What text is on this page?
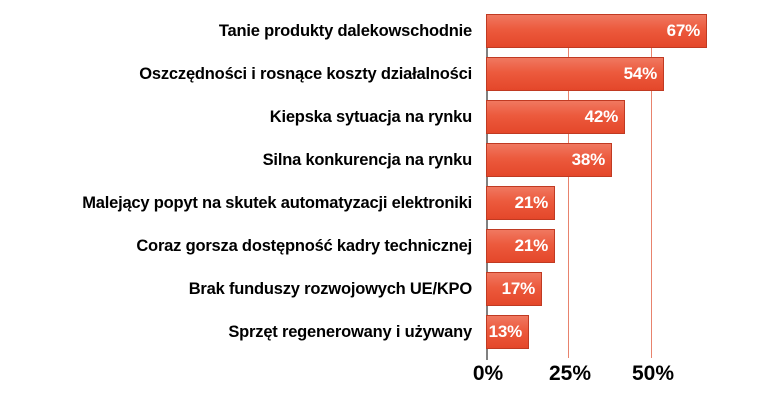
Tanie produkty dalekowschodnie
Oszczędności i rosnące koszty działalności
Kiepska sytuacja na rynku
Silna konkurencja na rynku
Malejący popyt na skutek automatyzacji elektroniki
Coraz gorsza dostępność kadry technicznej
Brak funduszy rozwojowych UE/KPO
Sprzęt regenerowany i używany
67%
54%
42%
38%
21%
21%
17%
13%
0% 25% 50%
